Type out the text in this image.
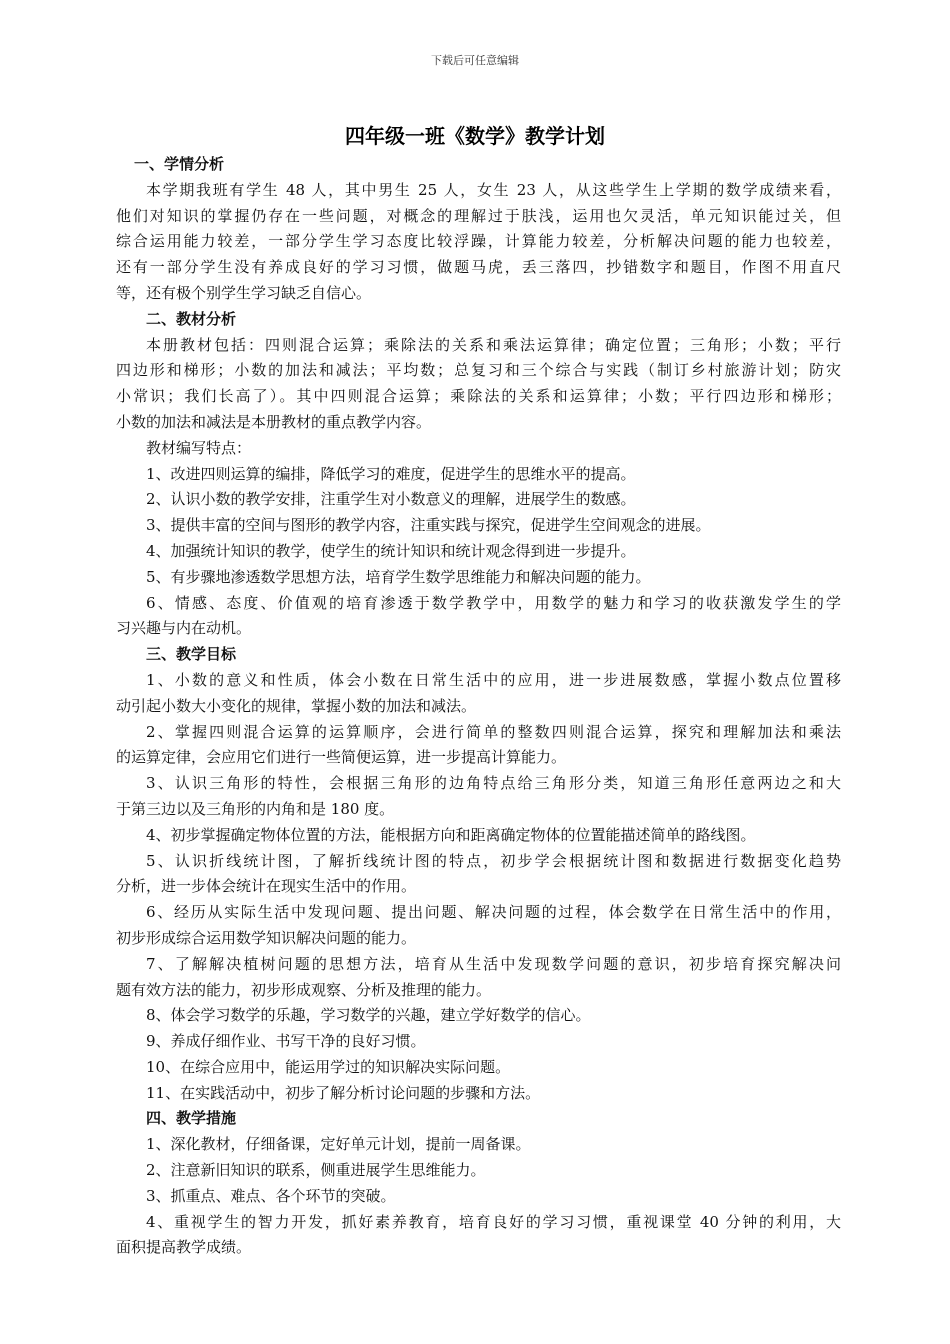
下载后可任意编辑
四年级一班《数学》教学计划
一、学情分析
本学期我班有学生 48 人，其中男生 25 人，女生 23 人，从这些学生上学期的数学成绩来看，
他们对知识的掌握仍存在一些问题，对概念的理解过于肤浅，运用也欠灵活，单元知识能过关，但
综合运用能力较差，一部分学生学习态度比较浮躁，计算能力较差，分析解决问题的能力也较差，
还有一部分学生没有养成良好的学习习惯，做题马虎，丢三落四，抄错数字和题目，作图不用直尺
等，还有极个别学生学习缺乏自信心。
二、教材分析
本册教材包括：四则混合运算；乘除法的关系和乘法运算律；确定位置；三角形；小数；平行
四边形和梯形；小数的加法和减法；平均数；总复习和三个综合与实践（制订乡村旅游计划；防灾
小常识；我们长高了）。其中四则混合运算；乘除法的关系和运算律；小数；平行四边形和梯形；
小数的加法和减法是本册教材的重点教学内容。
教材编写特点：
1、改进四则运算的编排，降低学习的难度，促进学生的思维水平的提高。
2、认识小数的教学安排，注重学生对小数意义的理解，进展学生的数感。
3、提供丰富的空间与图形的教学内容，注重实践与探究，促进学生空间观念的进展。
4、加强统计知识的教学，使学生的统计知识和统计观念得到进一步提升。
5、有步骤地渗透数学思想方法，培育学生数学思维能力和解决问题的能力。
6、情感、态度、价值观的培育渗透于数学教学中，用数学的魅力和学习的收获激发学生的学
习兴趣与内在动机。
三、教学目标
1、小数的意义和性质，体会小数在日常生活中的应用，进一步进展数感，掌握小数点位置移
动引起小数大小变化的规律，掌握小数的加法和减法。
2、掌握四则混合运算的运算顺序，会进行简单的整数四则混合运算，探究和理解加法和乘法
的运算定律，会应用它们进行一些简便运算，进一步提高计算能力。
3、认识三角形的特性，会根据三角形的边角特点给三角形分类，知道三角形任意两边之和大
于第三边以及三角形的内角和是 180 度。
4、初步掌握确定物体位置的方法，能根据方向和距离确定物体的位置能描述简单的路线图。
5、认识折线统计图，了解折线统计图的特点，初步学会根据统计图和数据进行数据变化趋势
分析，进一步体会统计在现实生活中的作用。
6、经历从实际生活中发现问题、提出问题、解决问题的过程，体会数学在日常生活中的作用，
初步形成综合运用数学知识解决问题的能力。
7、了解解决植树问题的思想方法，培育从生活中发现数学问题的意识，初步培育探究解决问
题有效方法的能力，初步形成观察、分析及推理的能力。
8、体会学习数学的乐趣，学习数学的兴趣，建立学好数学的信心。
9、养成仔细作业、书写干净的良好习惯。
10、在综合应用中，能运用学过的知识解决实际问题。
11、在实践活动中，初步了解分析讨论问题的步骤和方法。
四、教学措施
1、深化教材，仔细备课，定好单元计划，提前一周备课。
2、注意新旧知识的联系，侧重进展学生思维能力。
3、抓重点、难点、各个环节的突破。
4、重视学生的智力开发，抓好素养教育，培育良好的学习习惯，重视课堂 40 分钟的利用，大
面积提高教学成绩。
